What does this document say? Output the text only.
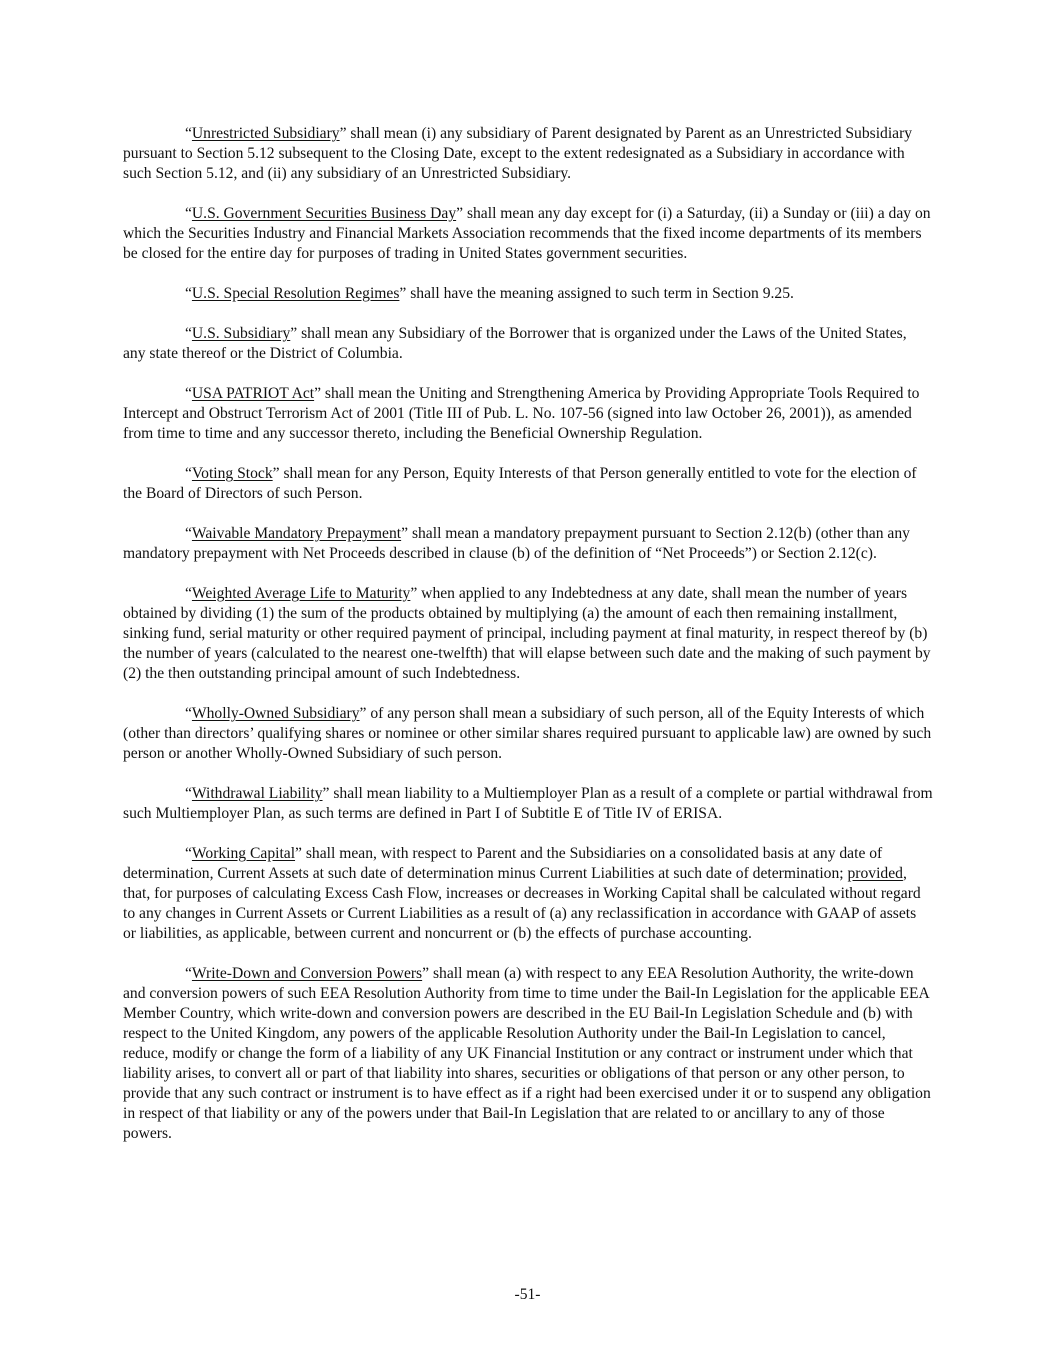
“Unrestricted Subsidiary” shall mean (i) any subsidiary of Parent designated by Parent as an Unrestricted Subsidiary pursuant to Section 5.12 subsequent to the Closing Date, except to the extent redesignated as a Subsidiary in accordance with such Section 5.12, and (ii) any subsidiary of an Unrestricted Subsidiary.

“U.S. Government Securities Business Day” shall mean any day except for (i) a Saturday, (ii) a Sunday or (iii) a day on which the Securities Industry and Financial Markets Association recommends that the fixed income departments of its members be closed for the entire day for purposes of trading in United States government securities.

“U.S. Special Resolution Regimes” shall have the meaning assigned to such term in Section 9.25.

“U.S. Subsidiary” shall mean any Subsidiary of the Borrower that is organized under the Laws of the United States, any state thereof or the District of Columbia.

“USA PATRIOT Act” shall mean the Uniting and Strengthening America by Providing Appropriate Tools Required to Intercept and Obstruct Terrorism Act of 2001 (Title III of Pub. L. No. 107-56 (signed into law October 26, 2001)), as amended from time to time and any successor thereto, including the Beneficial Ownership Regulation.

“Voting Stock” shall mean for any Person, Equity Interests of that Person generally entitled to vote for the election of the Board of Directors of such Person.

“Waivable Mandatory Prepayment” shall mean a mandatory prepayment pursuant to Section 2.12(b) (other than any mandatory prepayment with Net Proceeds described in clause (b) of the definition of “Net Proceeds”) or Section 2.12(c).

“Weighted Average Life to Maturity” when applied to any Indebtedness at any date, shall mean the number of years obtained by dividing (1) the sum of the products obtained by multiplying (a) the amount of each then remaining installment, sinking fund, serial maturity or other required payment of principal, including payment at final maturity, in respect thereof by (b) the number of years (calculated to the nearest one-twelfth) that will elapse between such date and the making of such payment by (2) the then outstanding principal amount of such Indebtedness.

“Wholly-Owned Subsidiary” of any person shall mean a subsidiary of such person, all of the Equity Interests of which (other than directors’ qualifying shares or nominee or other similar shares required pursuant to applicable law) are owned by such person or another Wholly-Owned Subsidiary of such person.

“Withdrawal Liability” shall mean liability to a Multiemployer Plan as a result of a complete or partial withdrawal from such Multiemployer Plan, as such terms are defined in Part I of Subtitle E of Title IV of ERISA.

“Working Capital” shall mean, with respect to Parent and the Subsidiaries on a consolidated basis at any date of determination, Current Assets at such date of determination minus Current Liabilities at such date of determination; provided, that, for purposes of calculating Excess Cash Flow, increases or decreases in Working Capital shall be calculated without regard to any changes in Current Assets or Current Liabilities as a result of (a) any reclassification in accordance with GAAP of assets or liabilities, as applicable, between current and noncurrent or (b) the effects of purchase accounting.

“Write-Down and Conversion Powers” shall mean (a) with respect to any EEA Resolution Authority, the write-down and conversion powers of such EEA Resolution Authority from time to time under the Bail-In Legislation for the applicable EEA Member Country, which write-down and conversion powers are described in the EU Bail-In Legislation Schedule and (b) with respect to the United Kingdom, any powers of the applicable Resolution Authority under the Bail-In Legislation to cancel, reduce, modify or change the form of a liability of any UK Financial Institution or any contract or instrument under which that liability arises, to convert all or part of that liability into shares, securities or obligations of that person or any other person, to provide that any such contract or instrument is to have effect as if a right had been exercised under it or to suspend any obligation in respect of that liability or any of the powers under that Bail-In Legislation that are related to or ancillary to any of those powers.

-51-
